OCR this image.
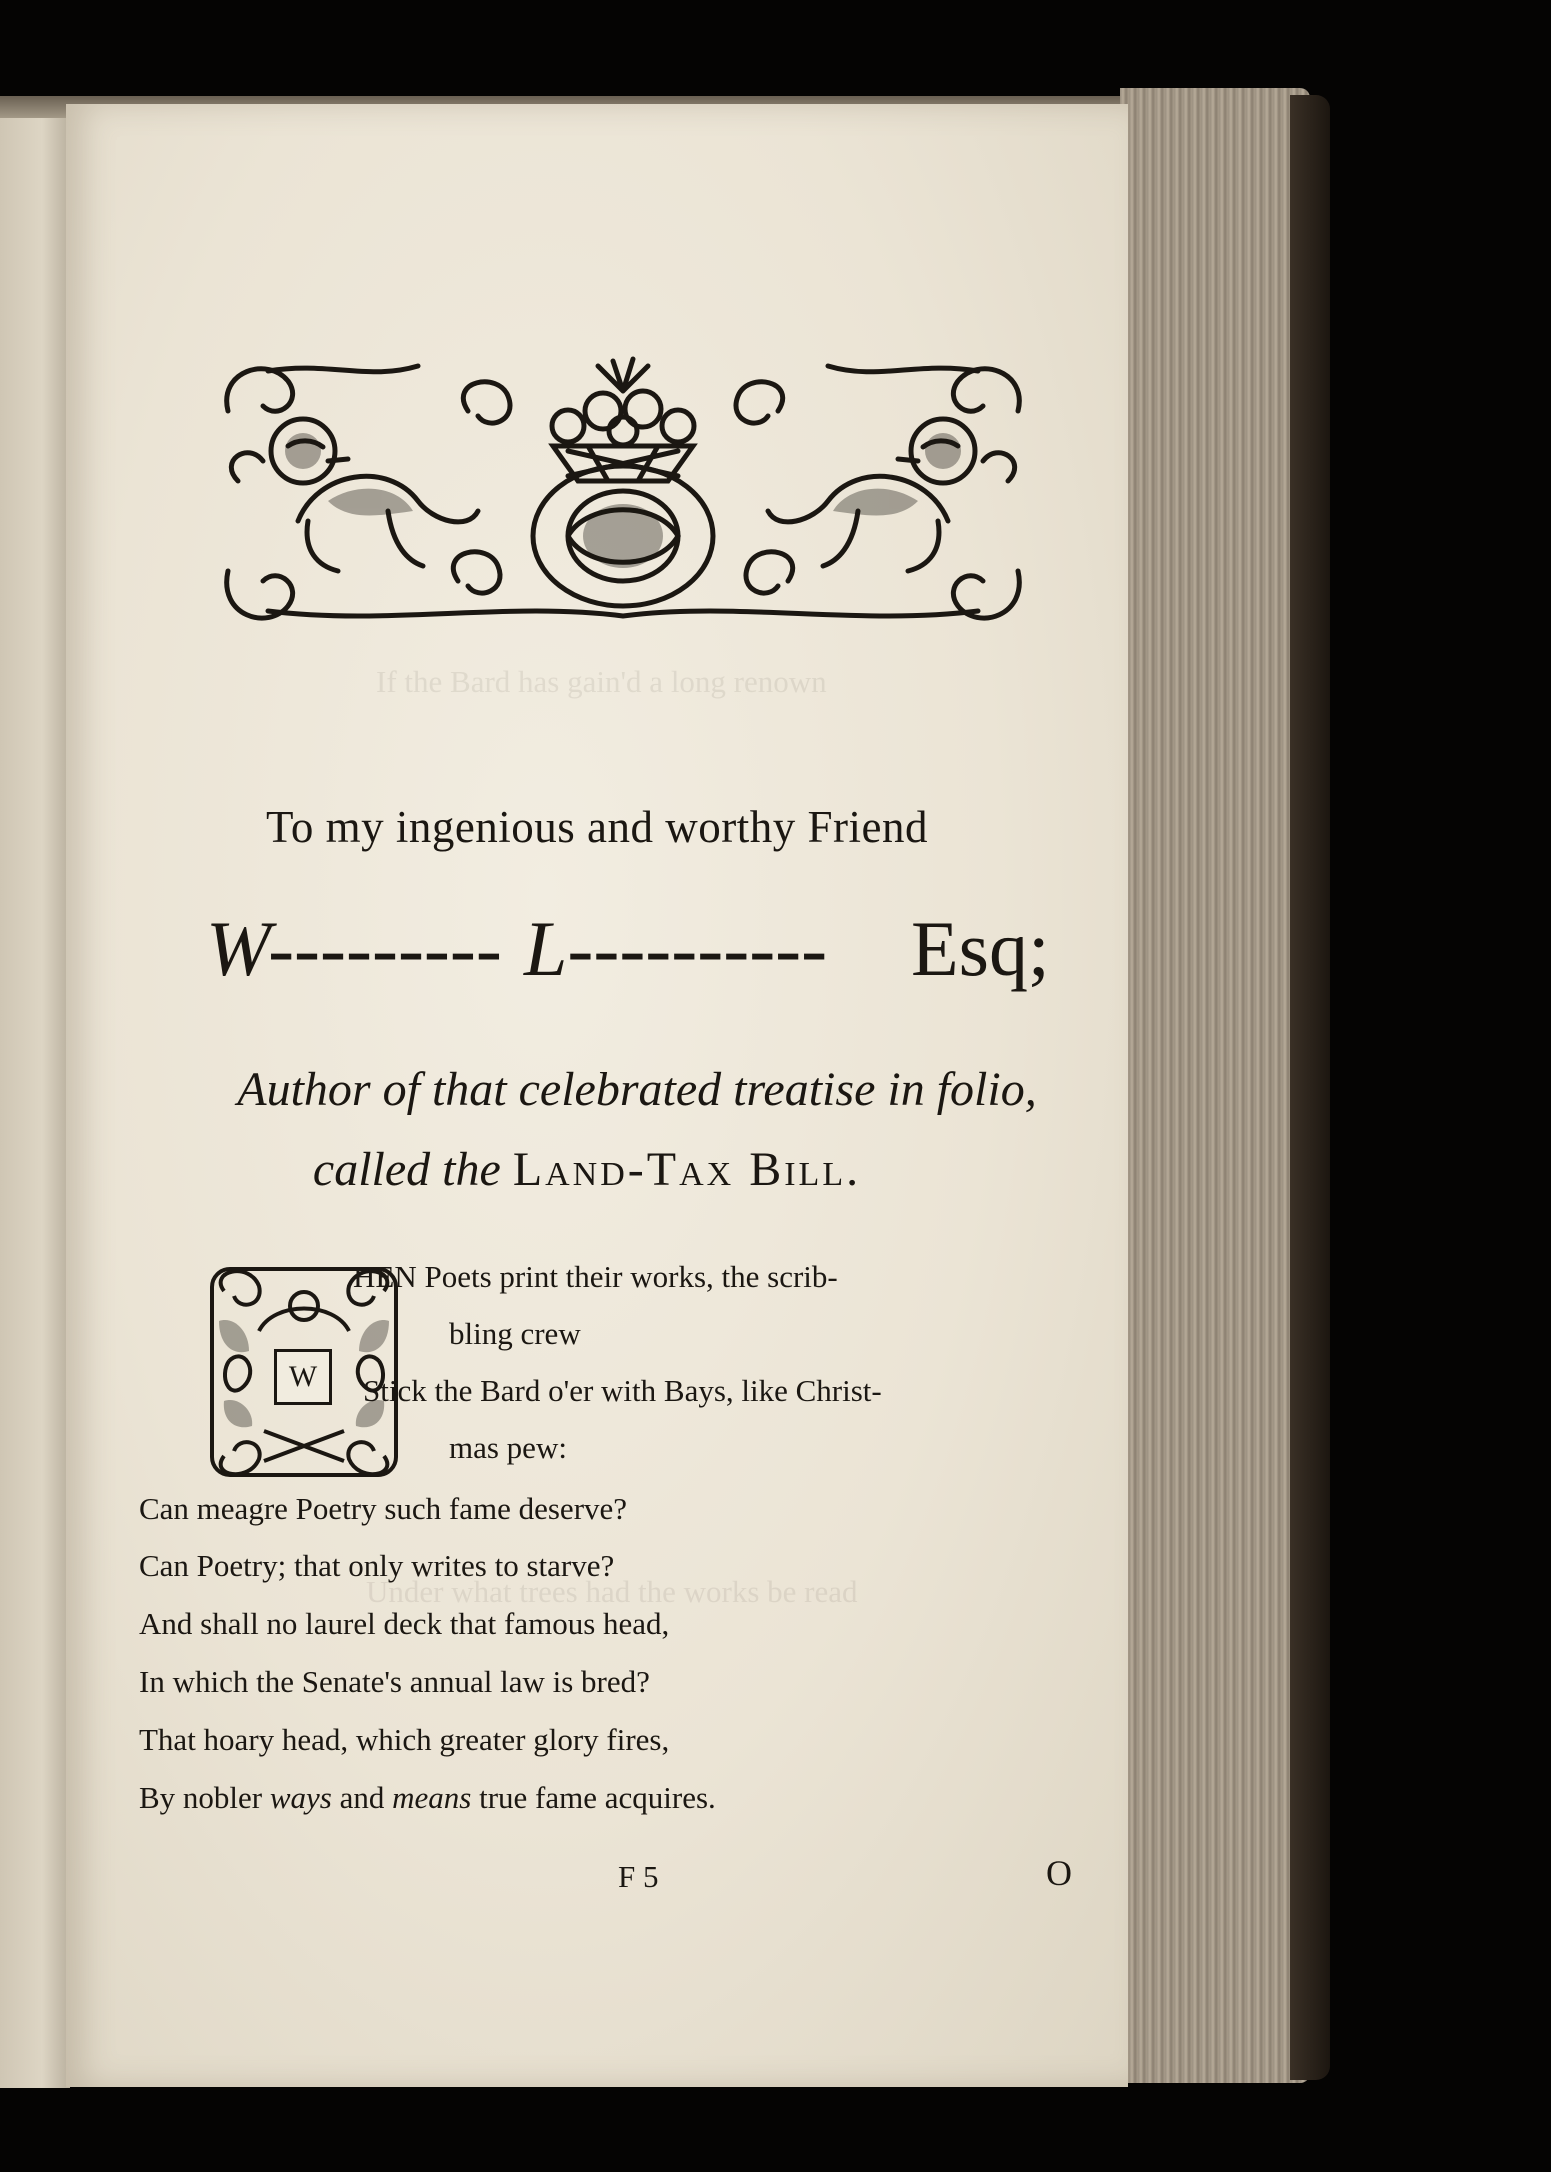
If the Bard has gain'd a long renown
Under what trees had the works be read
To my ingenious and worthy Friend
W--------- L---------- Esq;
Author of that celebrated treatise in folio,
called the Land-Tax Bill.
W
HEN Poets print their works, the scrib-
bling crew
Stick the Bard o'er with Bays, like Christ-
mas pew:
Can meagre Poetry such fame deserve?
Can Poetry; that only writes to starve?
And shall no laurel deck that famous head,
In which the Senate's annual law is bred?
That hoary head, which greater glory fires,
By nobler ways and means true fame acquires.
F 5	O
